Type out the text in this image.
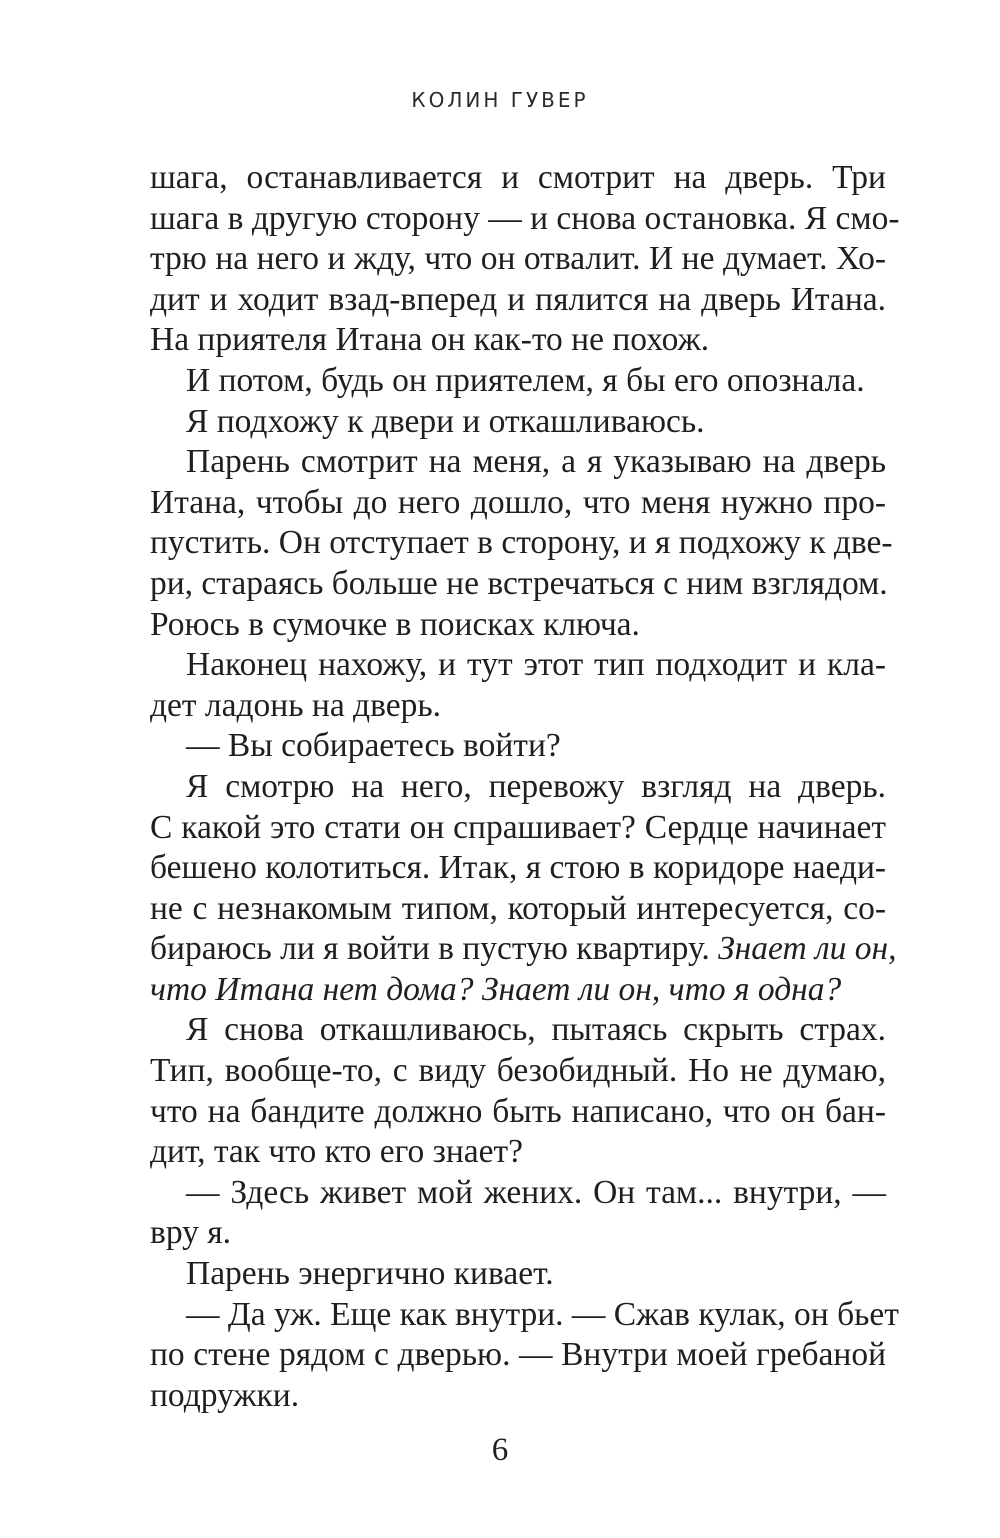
КОЛИН ГУВЕР
шага, останавливается и смотрит на дверь. Три
шага в другую сторону — и снова остановка. Я смо-
трю на него и жду, что он отвалит. И не думает. Хо-
дит и ходит взад-вперед и пялится на дверь Итана.
На приятеля Итана он как-то не похож.
И потом, будь он приятелем, я бы его опознала.
Я подхожу к двери и откашливаюсь.
Парень смотрит на меня, а я указываю на дверь
Итана, чтобы до него дошло, что меня нужно про-
пустить. Он отступает в сторону, и я подхожу к две-
ри, стараясь больше не встречаться с ним взглядом.
Роюсь в сумочке в поисках ключа.
Наконец нахожу, и тут этот тип подходит и кла-
дет ладонь на дверь.
— Вы собираетесь войти?
Я смотрю на него, перевожу взгляд на дверь.
С какой это стати он спрашивает? Сердце начинает
бешено колотиться. Итак, я стою в коридоре наеди-
не с незнакомым типом, который интересуется, со-
бираюсь ли я войти в пустую квартиру. Знает ли он,
что Итана нет дома? Знает ли он, что я одна?
Я снова откашливаюсь, пытаясь скрыть страх.
Тип, вообще-то, с виду безобидный. Но не думаю,
что на бандите должно быть написано, что он бан-
дит, так что кто его знает?
— Здесь живет мой жених. Он там... внутри, —
вру я.
Парень энергично кивает.
— Да уж. Еще как внутри. — Сжав кулак, он бьет
по стене рядом с дверью. — Внутри моей гребаной
подружки.
6
